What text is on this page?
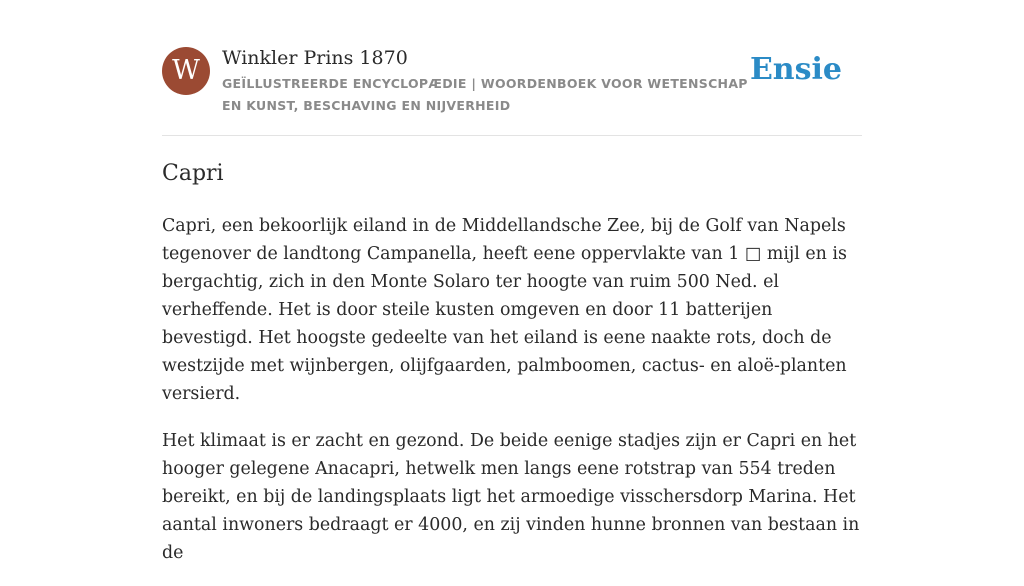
W	Winkler Prins 1870
GEÏLLUSTREERDE ENCYCLOPÆDIE | WOORDENBOEK VOOR WETENSCHAP EN KUNST, BESCHAVING EN NIJVERHEID
Ensie
Capri

Capri, een bekoorlijk eiland in de Middellandsche Zee, bij de Golf van Napels tegenover de landtong Campanella, heeft eene oppervlakte van 1 □ mijl en is bergachtig, zich in den Monte Solaro ter hoogte van ruim 500 Ned. el verheffende. Het is door steile kusten omgeven en door 11 batterijen bevestigd. Het hoogste gedeelte van het eiland is eene naakte rots, doch de westzijde met wijnbergen, olijfgaarden, palmboomen, cactus- en aloë-planten versierd.

Het klimaat is er zacht en gezond. De beide eenige stadjes zijn er Capri en het hooger gelegene Anacapri, hetwelk men langs eene rotstrap van 554 treden bereikt, en bij de landingsplaats ligt het armoedige visschersdorp Marina. Het aantal inwoners bedraagt er 4000, en zij vinden hunne bronnen van bestaan in de
